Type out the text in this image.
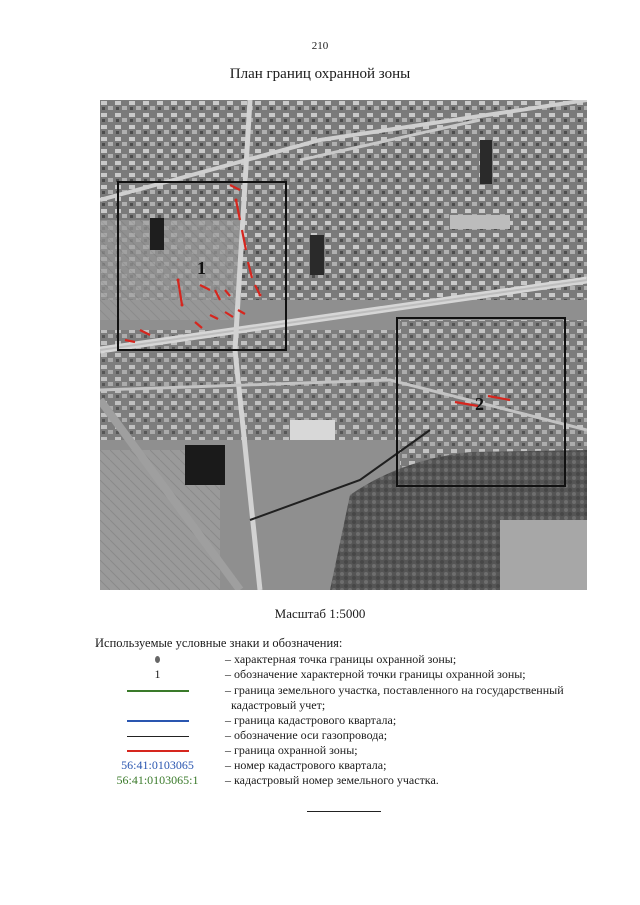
210
План границ охранной зоны
1
2
Масштаб 1:5000
Используемые условные знаки и обозначения:
– характерная точка границы охранной зоны;
1	– обозначение характерной точки границы охранной зоны;
– граница земельного участка, поставленного на государственный
кадастровый учет;
– граница кадастрового квартала;
– обозначение оси газопровода;
– граница охранной зоны;
56:41:0103065	– номер кадастрового квартала;
56:41:0103065:1	– кадастровый номер земельного участка.
